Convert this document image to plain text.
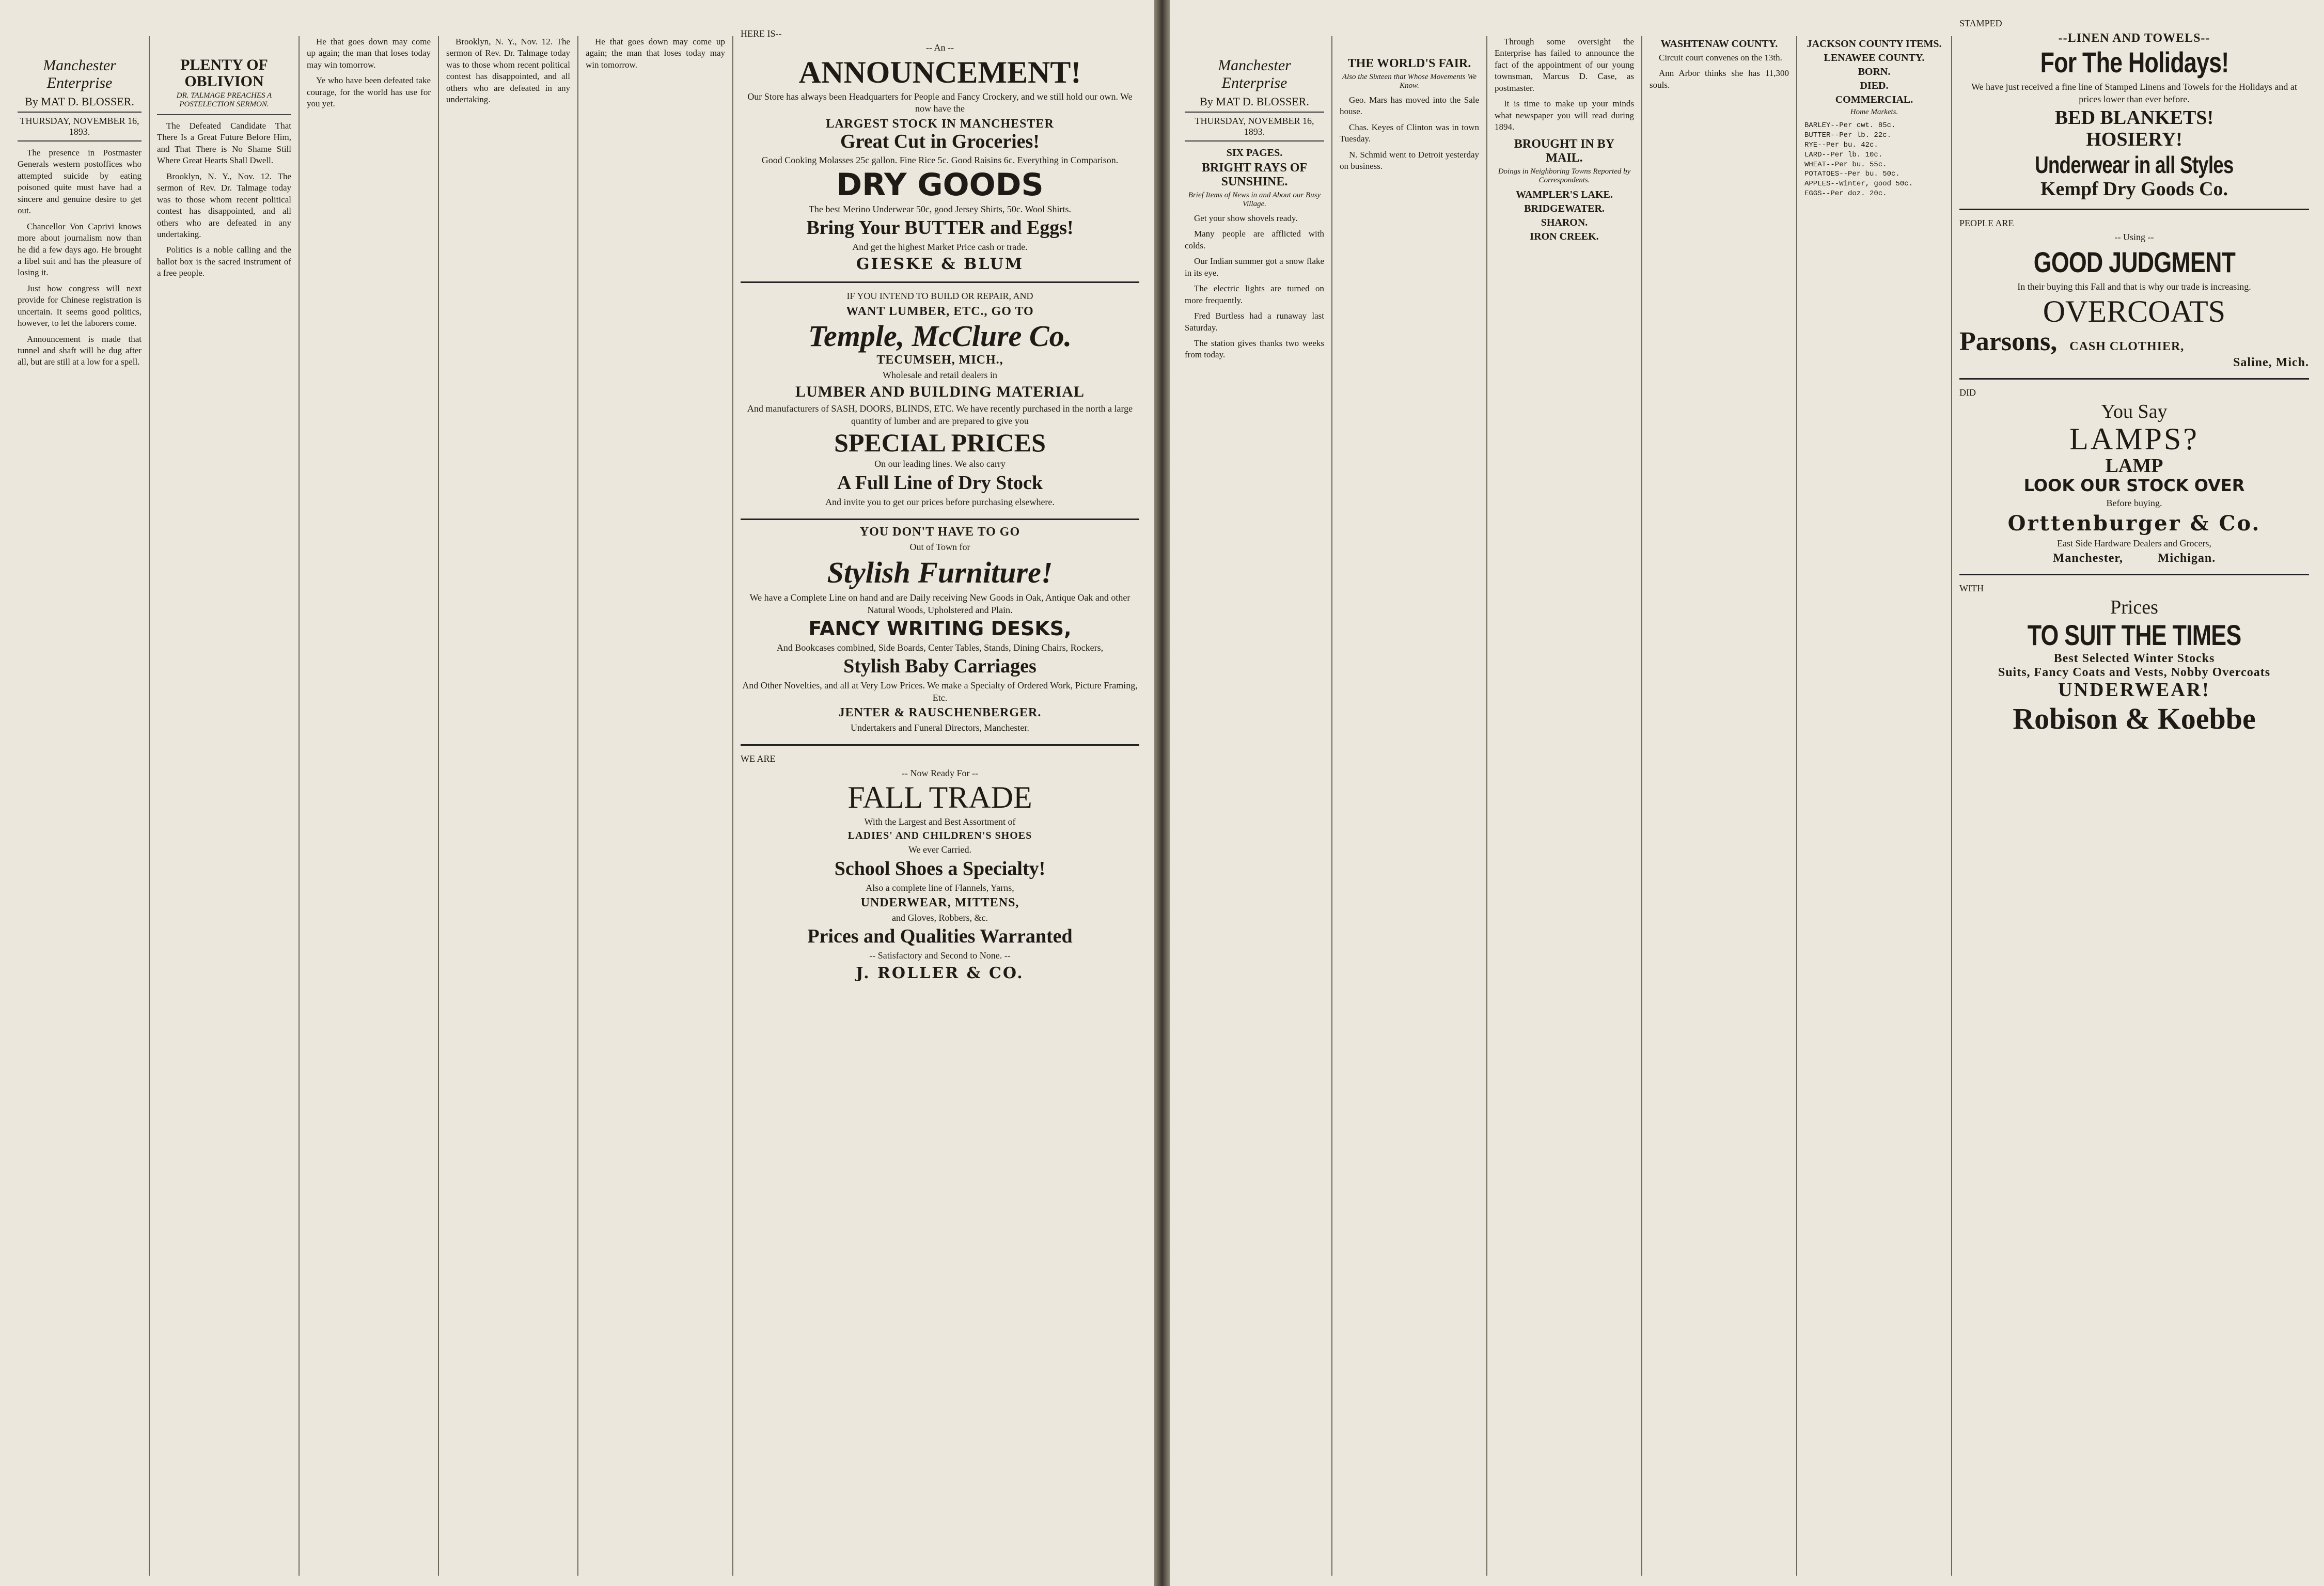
Manchester Enterprise
By MAT D. BLOSSER.
THURSDAY, NOVEMBER 16, 1893.

The presence in Postmaster Generals western postoffices who attempted suicide by eating poisoned quite must have had a sincere and genuine desire to get out.

Chancellor Von Caprivi knows more about journalism now than he did a few days ago. He brought a libel suit and has the pleasure of losing it.

Just how congress will next provide for Chinese registration is uncertain. It seems good politics, however, to let the laborers come.

Announcement is made that tunnel and shaft will be dug after all, but are still at a low for a spell.

PLENTY OF OBLIVION
DR. TALMAGE PREACHES A POSTELECTION SERMON.

The Defeated Candidate That There Is a Great Future Before Him, and That There is No Shame Still Where Great Hearts Shall Dwell.

Brooklyn, N. Y., Nov. 12. The sermon of Rev. Dr. Talmage today was to those whom recent political contest has disappointed, and all others who are defeated in any undertaking.

Politics is a noble calling and the ballot box is the sacred instrument of a free people.

He that goes down may come up again; the man that loses today may win tomorrow.

Ye who have been defeated take courage, for the world has use for you yet.

Brooklyn, N. Y., Nov. 12. The sermon of Rev. Dr. Talmage today was to those whom recent political contest has disappointed, and all others who are defeated in any undertaking.

He that goes down may come up again; the man that loses today may win tomorrow.

HERE IS--
-- An --
ANNOUNCEMENT!
Our Store has always been Headquarters for People and Fancy Crockery, and we still hold our own. We now have the
LARGEST STOCK IN MANCHESTER
Great Cut in Groceries!
Good Cooking Molasses 25c gallon. Fine Rice 5c. Good Raisins 6c. Everything in Comparison.
DRY GOODS
The best Merino Underwear 50c, good Jersey Shirts, 50c. Wool Shirts.
Bring Your BUTTER and Eggs!
And get the highest Market Price cash or trade.
GIESKE & BLUM
IF YOU INTEND TO BUILD OR REPAIR, AND
WANT LUMBER, ETC., GO TO
Temple, McClure Co.
TECUMSEH, MICH.,
Wholesale and retail dealers in
LUMBER AND BUILDING MATERIAL
And manufacturers of SASH, DOORS, BLINDS, ETC. We have recently purchased in the north a large quantity of lumber and are prepared to give you
SPECIAL PRICES
On our leading lines. We also carry
A Full Line of Dry Stock
And invite you to get our prices before purchasing elsewhere.
YOU DON'T HAVE TO GO
Out of Town for
Stylish Furniture!
We have a Complete Line on hand and are Daily receiving New Goods in Oak, Antique Oak and other Natural Woods, Upholstered and Plain.
FANCY WRITING DESKS,
And Bookcases combined, Side Boards, Center Tables, Stands, Dining Chairs, Rockers,
Stylish Baby Carriages
And Other Novelties, and all at Very Low Prices. We make a Specialty of Ordered Work, Picture Framing, Etc.
JENTER & RAUSCHENBERGER.
Undertakers and Funeral Directors, Manchester.
WE ARE
-- Now Ready For --
FALL TRADE
With the Largest and Best Assortment of
LADIES' AND CHILDREN'S SHOES
We ever Carried.
School Shoes a Specialty!
Also a complete line of Flannels, Yarns,
UNDERWEAR, MITTENS,
and Gloves, Robbers, &c.
Prices and Qualities Warranted
-- Satisfactory and Second to None. --
J. ROLLER & CO.
Manchester Enterprise
By MAT D. BLOSSER.
THURSDAY, NOVEMBER 16, 1893.
SIX PAGES.
BRIGHT RAYS OF SUNSHINE.
Brief Items of News in and About our Busy Village.

Get your show shovels ready.

Many people are afflicted with colds.

Our Indian summer got a snow flake in its eye.

The electric lights are turned on more frequently.

Fred Burtless had a runaway last Saturday.

The station gives thanks two weeks from today.

THE WORLD'S FAIR.
Also the Sixteen that Whose Movements We Know.

Geo. Mars has moved into the Sale house.

Chas. Keyes of Clinton was in town Tuesday.

N. Schmid went to Detroit yesterday on business.

Through some oversight the Enterprise has failed to announce the fact of the appointment of our young townsman, Marcus D. Case, as postmaster.

It is time to make up your minds what newspaper you will read during 1894.

BROUGHT IN BY MAIL.
Doings in Neighboring Towns Reported by Correspondents.
WAMPLER'S LAKE.
BRIDGEWATER.
SHARON.
IRON CREEK.
WASHTENAW COUNTY.

Circuit court convenes on the 13th.

Ann Arbor thinks she has 11,300 souls.

JACKSON COUNTY ITEMS.
LENAWEE COUNTY.
BORN.
DIED.
COMMERCIAL.
Home Markets.
BARLEY--Per cwt. 85c.
BUTTER--Per lb. 22c.
RYE--Per bu. 42c.
LARD--Per lb. 10c.
WHEAT--Per bu. 55c.
POTATOES--Per bu. 50c.
APPLES--Winter, good 50c.
EGGS--Per doz. 20c.
STAMPED
--LINEN AND TOWELS--
For The Holidays!
We have just received a fine line of Stamped Linens and Towels for the Holidays and at prices lower than ever before.
BED BLANKETS!
HOSIERY!
Underwear in all Styles
Kempf Dry Goods Co.
PEOPLE ARE
-- Using --
GOOD JUDGMENT
In their buying this Fall and that is why our trade is increasing.
OVERCOATS
Parsons, CASH CLOTHIER,
Saline, Mich.
DID
You Say
LAMPS?
LAMP
LOOK OUR STOCK OVER
Before buying.
Orttenburger & Co.
East Side Hardware Dealers and Grocers,
Manchester,	Michigan.
WITH
Prices
TO SUIT THE TIMES
Best Selected Winter Stocks
Suits, Fancy Coats and Vests, Nobby Overcoats
UNDERWEAR!
Robison & Koebbe
